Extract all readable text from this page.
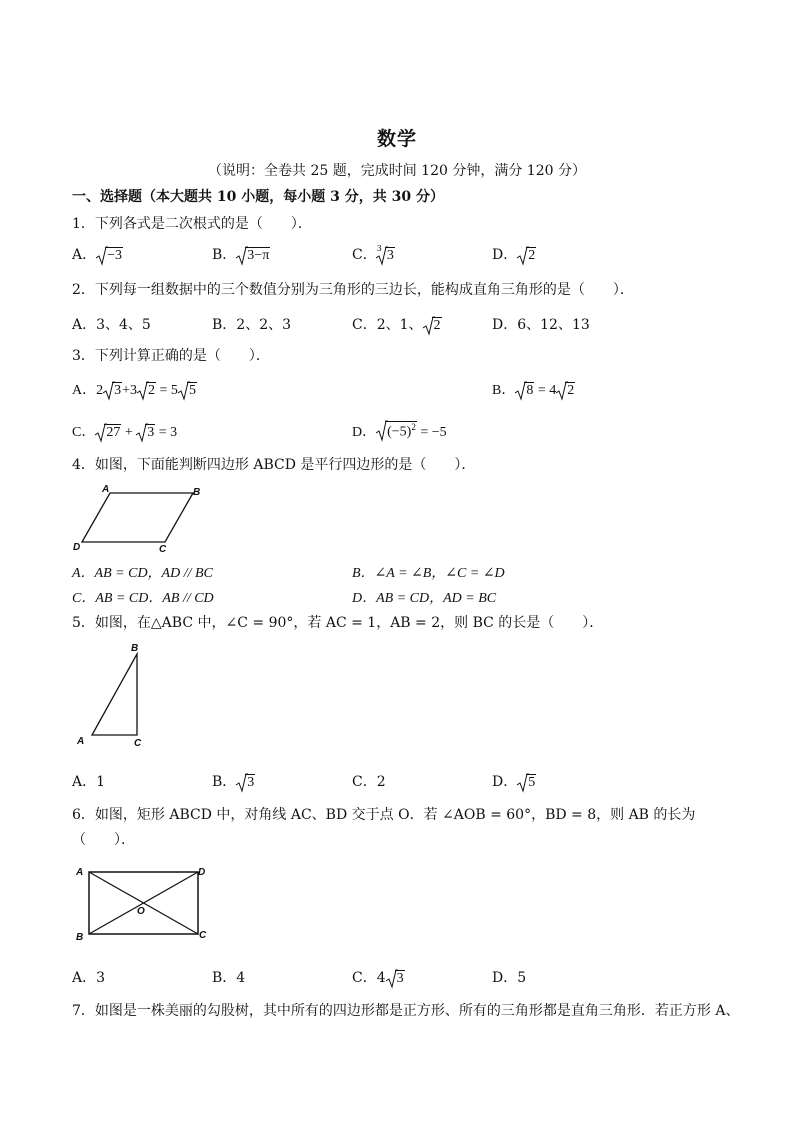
数学
（说明：全卷共 25 题，完成时间 120 分钟，满分 120 分）
一、选择题（本大题共 10 小题，每小题 3 分，共 30 分）
1．下列各式是二次根式的是（　　）．
A． −3	B． 3−π	C．$^3$ 3	D． 2
2．下列每一组数据中的三个数值分别为三角形的三边长，能构成直角三角形的是（　　）．
A．3、4、5	B．2、2、3	C．2、1、 2	D．6、12、13
3．下列计算正确的是（　　）．
A．2 3+3 2 = 5 5	B． 8 = 4 2
C． 27 +
3 = 3	D． $(-5)^2 = -5$
4．如图，下面能判断四边形 ABCD 是平行四边形的是（　　）．
A	B
C
D
A．AB = CD，AD // BC	B．∠A = ∠B，∠C = ∠D
C．AB = CD．AB // CD	D．AB = CD，AD = BC
5．如图，在△ABC 中，∠C = 90°，若 AC = 1，AB = 2，则 BC 的长是（　　）．
B
A	C
A．1	B． 3	C．2	D． 5
6．如图，矩形 ABCD 中，对角线 AC、BD 交于点 O．若 ∠AOB = 60°，BD = 8，则 AB 的长为
（　　）．
A	D
B	C
O
A．3	B．4	C．4 3	D．5
7．如图是一株美丽的勾股树，其中所有的四边形都是正方形、所有的三角形都是直角三角形．若正方形 A、
